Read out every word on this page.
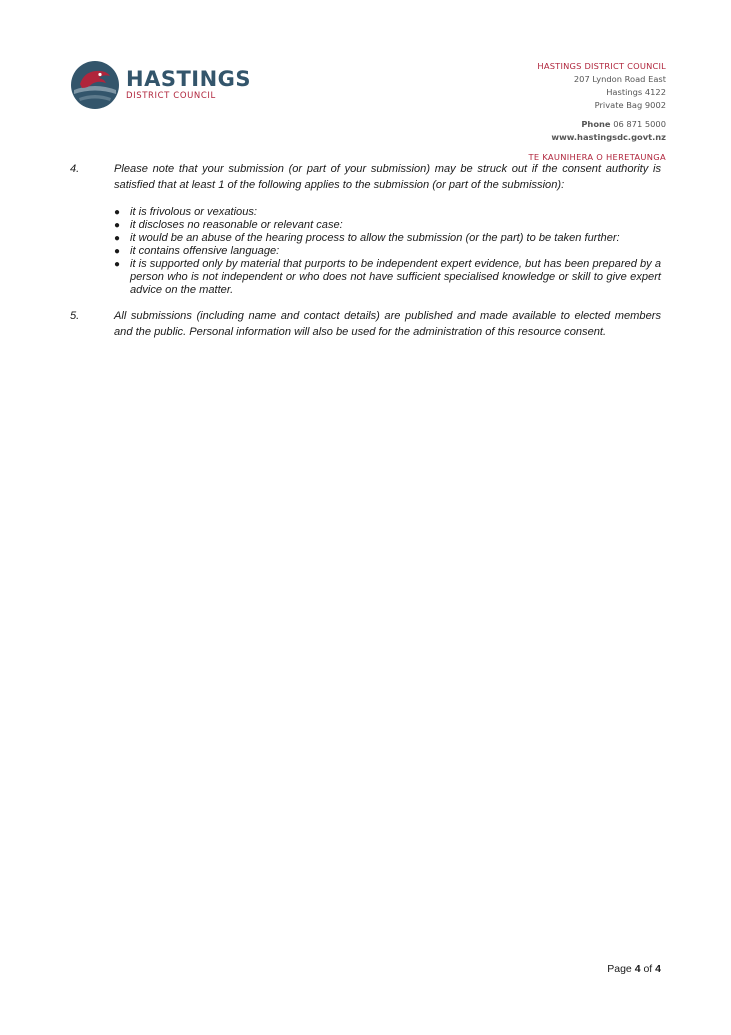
HASTINGS
DISTRICT COUNCIL
HASTINGS DISTRICT COUNCIL
207 Lyndon Road East
Hastings 4122
Private Bag 9002
Phone 06 871 5000
www.hastingsdc.govt.nz
TE KAUNIHERA O HERETAUNGA
4.	Please note that your submission (or part of your submission) may be struck out if the consent authority is satisfied that at least 1 of the following applies to the submission (or part of the submission):
● it is frivolous or vexatious:
● it discloses no reasonable or relevant case:
● it would be an abuse of the hearing process to allow the submission (or the part) to be taken further:
● it contains offensive language:
● it is supported only by material that purports to be independent expert evidence, but has been prepared by a person who is not independent or who does not have sufficient specialised knowledge or skill to give expert advice on the matter.
5.	All submissions (including name and contact details) are published and made available to elected members and the public. Personal information will also be used for the administration of this resource consent.
Page 4 of 4
